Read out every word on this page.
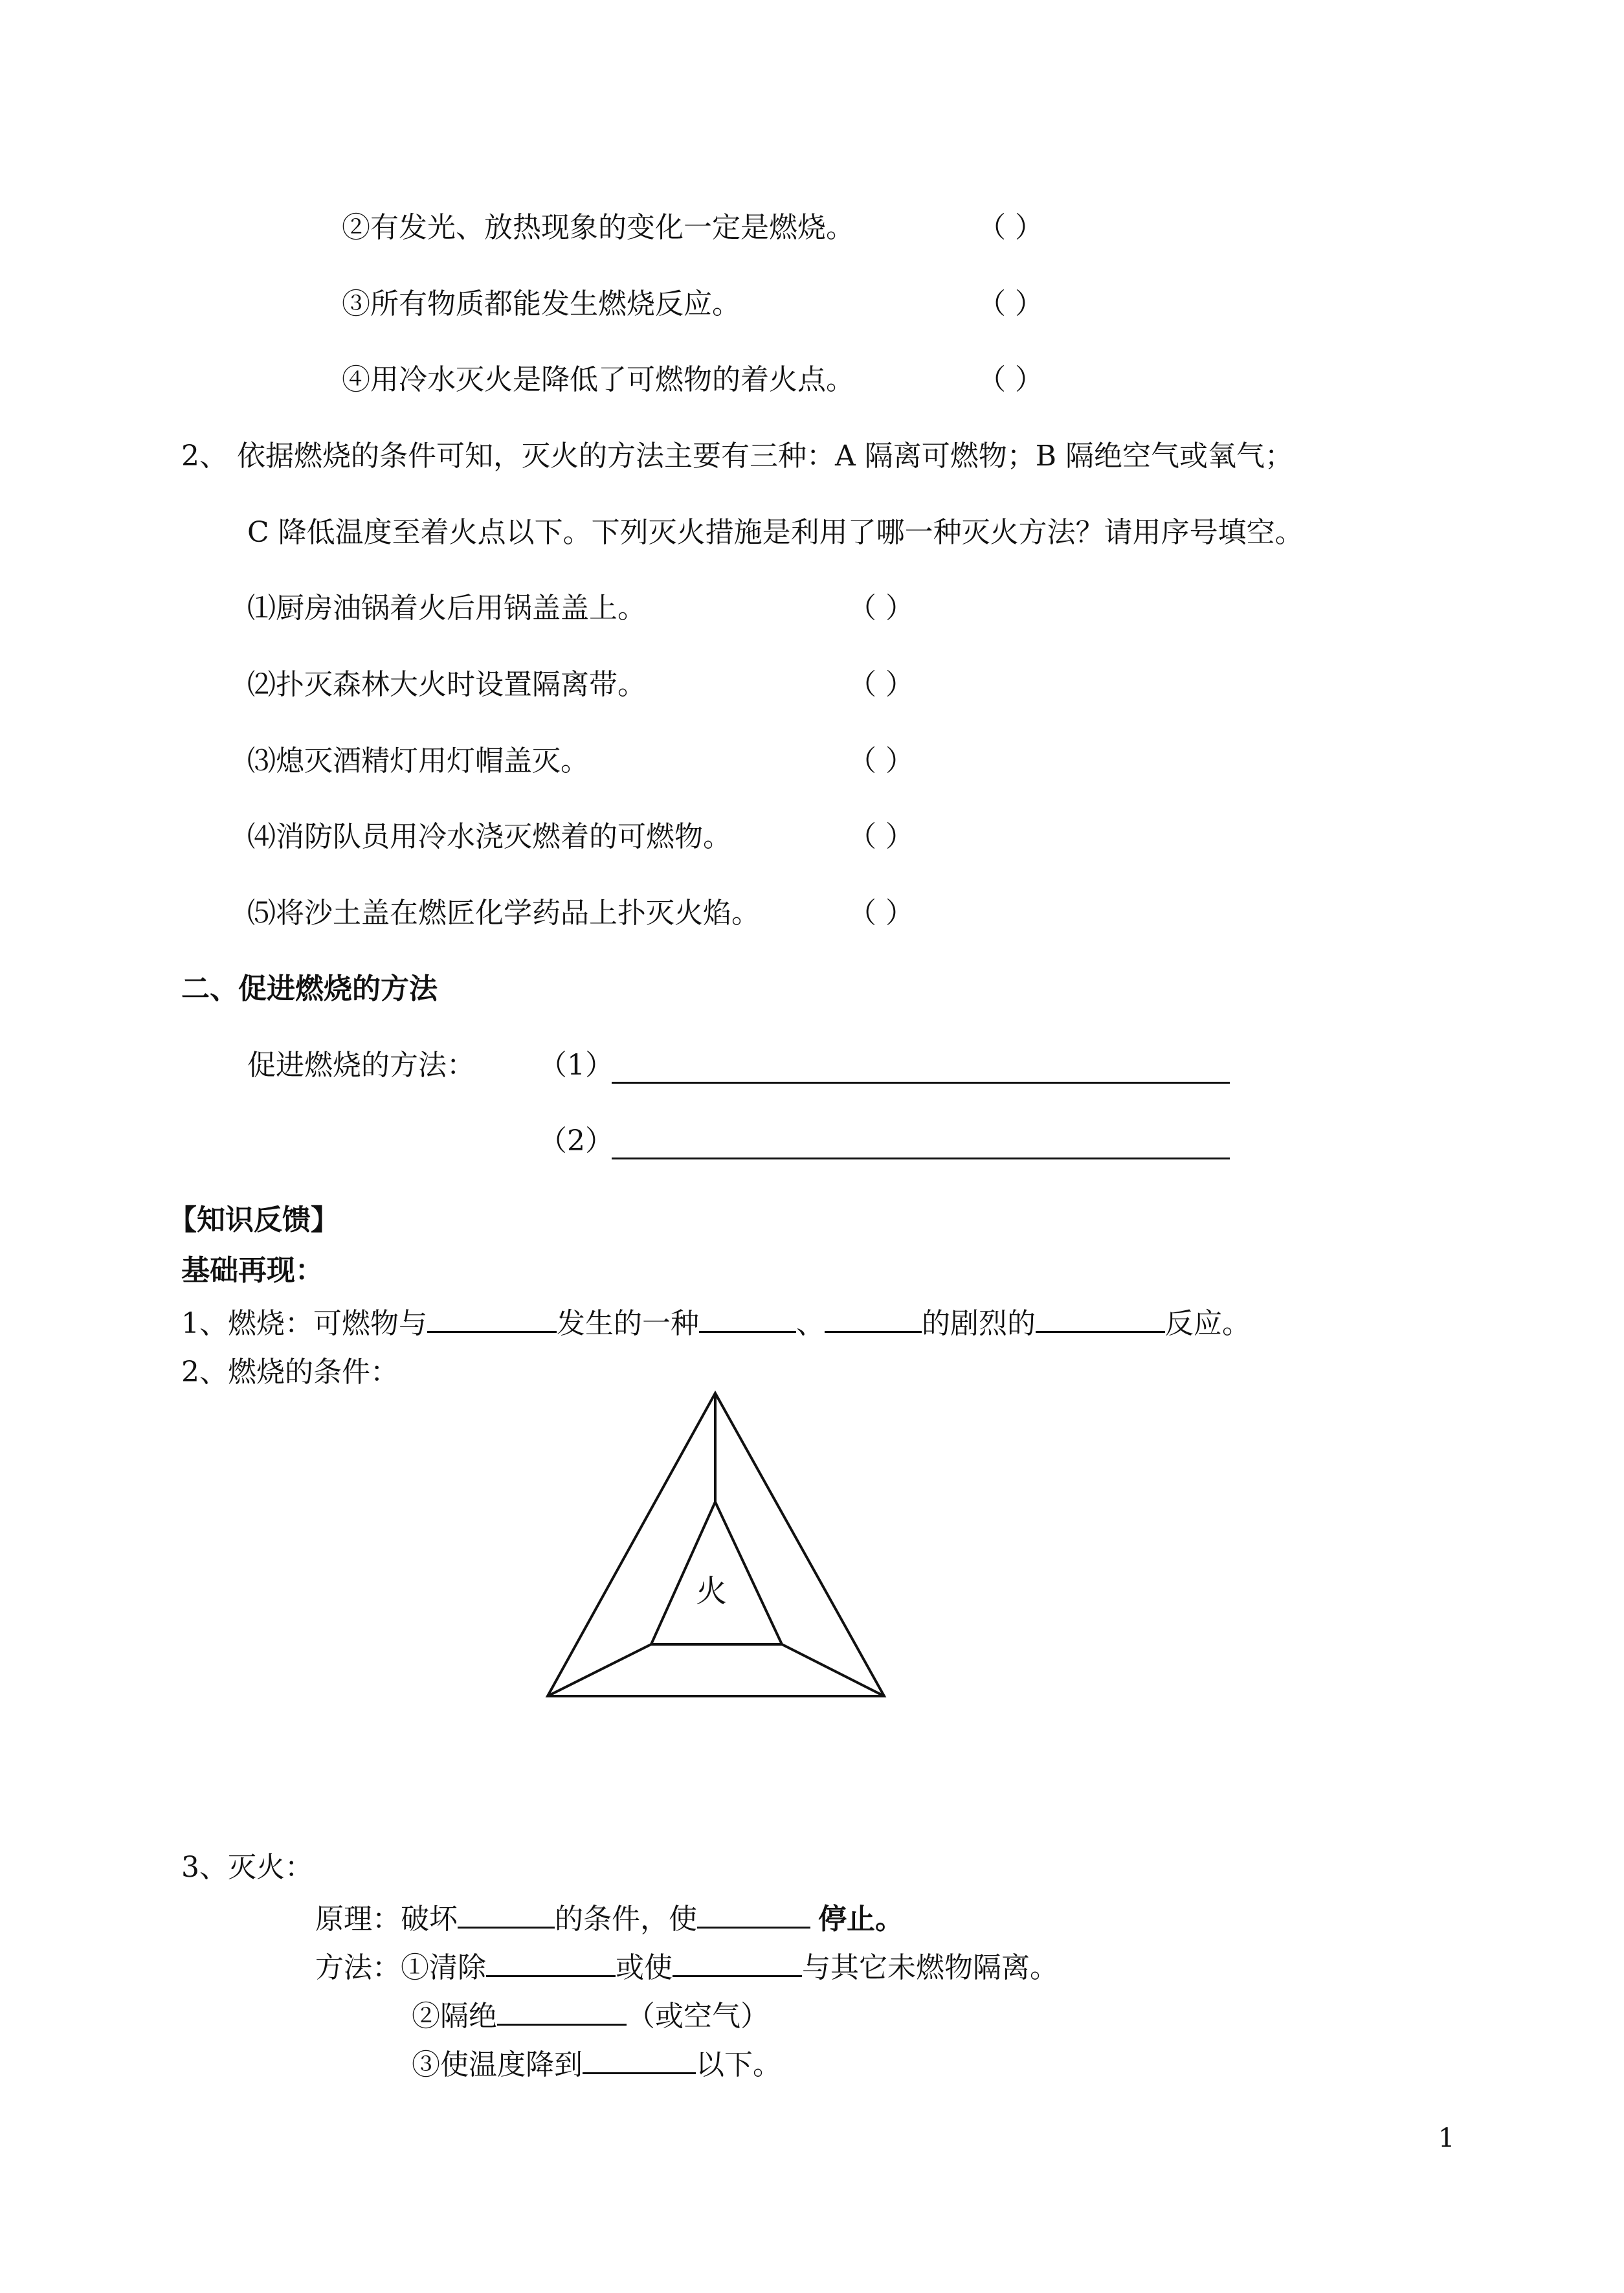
②有发光、放热现象的变化一定是燃烧。	（ ）
③所有物质都能发生燃烧反应。	（ ）
④用冷水灭火是降低了可燃物的着火点。	（ ）
2、 依据燃烧的条件可知，灭火的方法主要有三种：A 隔离可燃物；B 隔绝空气或氧气；
C 降低温度至着火点以下。下列灭火措施是利用了哪一种灭火方法？请用序号填空。
⑴厨房油锅着火后用锅盖盖上。	（ ）
⑵扑灭森林大火时设置隔离带。	（ ）
⑶熄灭酒精灯用灯帽盖灭。	（ ）
⑷消防队员用冷水浇灭燃着的可燃物。	（ ）
⑸将沙土盖在燃匠化学药品上扑灭火焰。	（ ）
二、促进燃烧的方法
促进燃烧的方法： （1）
（2）
【知识反馈】
基础再现：
1、燃烧：可燃物与	发生的一种	、	的剧烈的	反应。
2、燃烧的条件：
火
3、灭火：
原理：破坏	的条件，使	停止。
方法：①清除	或使	与其它未燃物隔离。
②隔绝	（或空气）
③使温度降到	以下。
1
